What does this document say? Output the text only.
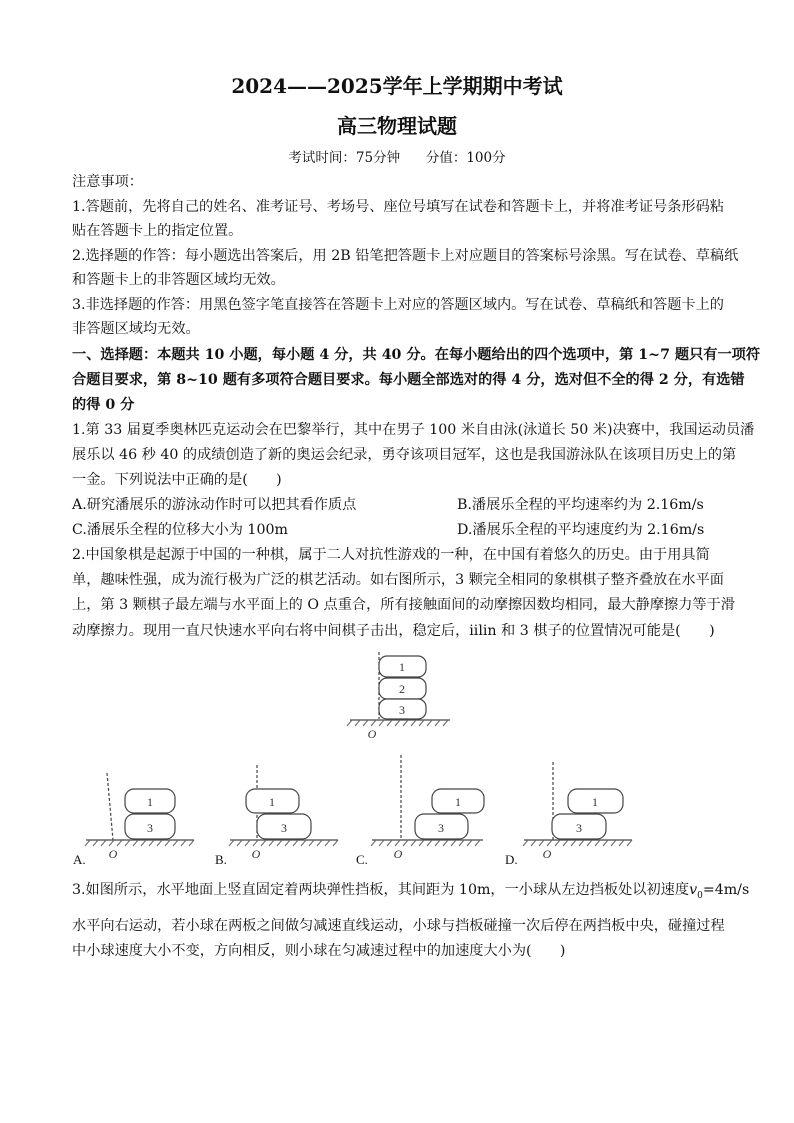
2024——2025学年上学期期中考试
高三物理试题
考试时间：75分钟 分值：100分
注意事项：
1.答题前，先将自己的姓名、准考证号、考场号、座位号填写在试卷和答题卡上，并将准考证号条形码粘
贴在答题卡上的指定位置。
2.选择题的作答：每小题选出答案后，用 2B 铅笔把答题卡上对应题目的答案标号涂黑。写在试卷、草稿纸
和答题卡上的非答题区域均无效。
3.非选择题的作答：用黑色签字笔直接答在答题卡上对应的答题区域内。写在试卷、草稿纸和答题卡上的
非答题区域均无效。
一、选择题：本题共 10 小题，每小题 4 分，共 40 分。在每小题给出的四个选项中，第 1~7 题只有一项符
合题目要求，第 8~10 题有多项符合题目要求。每小题全部选对的得 4 分，选对但不全的得 2 分，有选错
的得 0 分
1.第 33 届夏季奥林匹克运动会在巴黎举行，其中在男子 100 米自由泳(泳道长 50 米)决赛中，我国运动员潘
展乐以 46 秒 40 的成绩创造了新的奥运会纪录，勇夺该项目冠军，这也是我国游泳队在该项目历史上的第
一金。下列说法中正确的是(　　)
A.研究潘展乐的游泳动作时可以把其看作质点	B.潘展乐全程的平均速率约为 2.16m/s
C.潘展乐全程的位移大小为 100m	D.潘展乐全程的平均速度约为 2.16m/s
2.中国象棋是起源于中国的一种棋，属于二人对抗性游戏的一种，在中国有着悠久的历史。由于用具简
单，趣味性强，成为流行极为广泛的棋艺活动。如右图所示，3 颗完全相同的象棋棋子整齐叠放在水平面
上，第 3 颗棋子最左端与水平面上的 O 点重合，所有接触面间的动摩擦因数均相同，最大静摩擦力等于滑
动摩擦力。现用一直尺快速水平向右将中间棋子击出，稳定后，iilin 和 3 棋子的位置情况可能是(　　)
1
2
3
O
1
3
O
1
3
O
1
3
O
1
3
O
A.	B.	C.	D.
3.如图所示，水平地面上竖直固定着两块弹性挡板，其间距为 10m，一小球从左边挡板处以初速度$v_0=4m/s$
水平向右运动，若小球在两板之间做匀减速直线运动，小球与挡板碰撞一次后停在两挡板中央，碰撞过程
中小球速度大小不变，方向相反，则小球在匀减速过程中的加速度大小为(　　)
